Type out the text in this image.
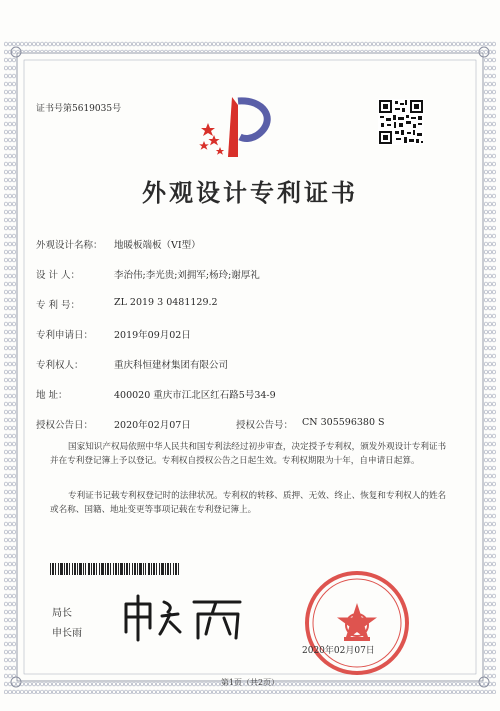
证书号第5619035号
外观设计专利证书
外观设计名称： 地暖板端板（VI型）
设 计 人：	李治伟;李光贵;刘拥军;杨玲;谢厚礼
专 利 号：	ZL 2019 3 0481129.2
专利申请日： 2019年09月02日
专利权人：	重庆科恒建材集团有限公司
地 址：	400020 重庆市江北区红石路5号34-9
授权公告日： 2020年02月07日	授权公告号： CN 305596380 S
国家知识产权局依照中华人民共和国专利法经过初步审查，决定授予专利权，颁发外观设计专利证书并在专利登记簿上予以登记。专利权自授权公告之日起生效。专利权期限为十年，自申请日起算。
专利证书记载专利权登记时的法律状况。专利权的转移、质押、无效、终止、恢复和专利权人的姓名或名称、国籍、地址变更等事项记载在专利登记簿上。
局长
申长雨
2020年02月07日
第1页（共2页）
